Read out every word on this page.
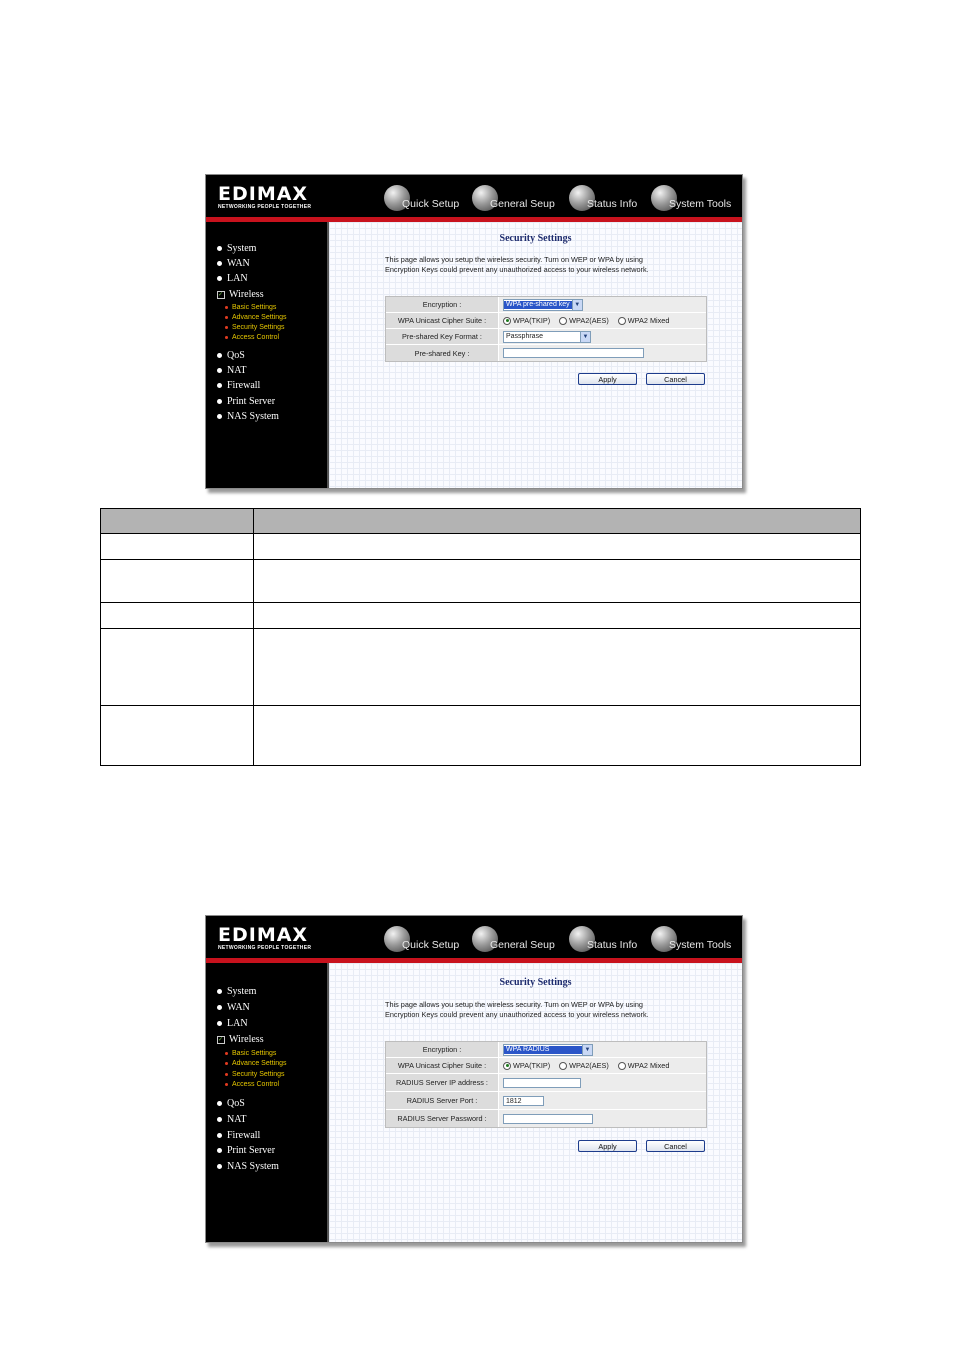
EDIMAX
NETWORKING PEOPLE TOGETHER	Quick Setup	General Seup	Status Info	System Tools
System
WAN
LAN
✓ Wireless
Basic Settings
Advance Settings
Security Settings
Access Control
QoS
NAT
Firewall
Print Server
NAS System
Security Settings
This page allows you setup the wireless security. Turn on WEP or WPA by using
Encryption Keys could prevent any unauthorized access to your wireless network.
Encryption :	WPA pre-shared key ▼
WPA Unicast Cipher Suite :	WPA(TKIP)	WPA2(AES)	WPA2 Mixed
Pre-shared Key Format :	Passphrase	▼
Pre-shared Key :
Apply	Cancel

EDIMAX
NETWORKING PEOPLE TOGETHER	Quick Setup	General Seup	Status Info	System Tools
System
WAN
LAN
✓ Wireless
Basic Settings
Advance Settings
Security Settings
Access Control
QoS
NAT
Firewall
Print Server
NAS System
Security Settings
This page allows you setup the wireless security. Turn on WEP or WPA by using
Encryption Keys could prevent any unauthorized access to your wireless network.
Encryption :	WPA RADIUS	▼
WPA Unicast Cipher Suite :	WPA(TKIP)	WPA2(AES)	WPA2 Mixed
RADIUS Server IP address :
RADIUS Server Port :	1812
RADIUS Server Password :
Apply	Cancel
